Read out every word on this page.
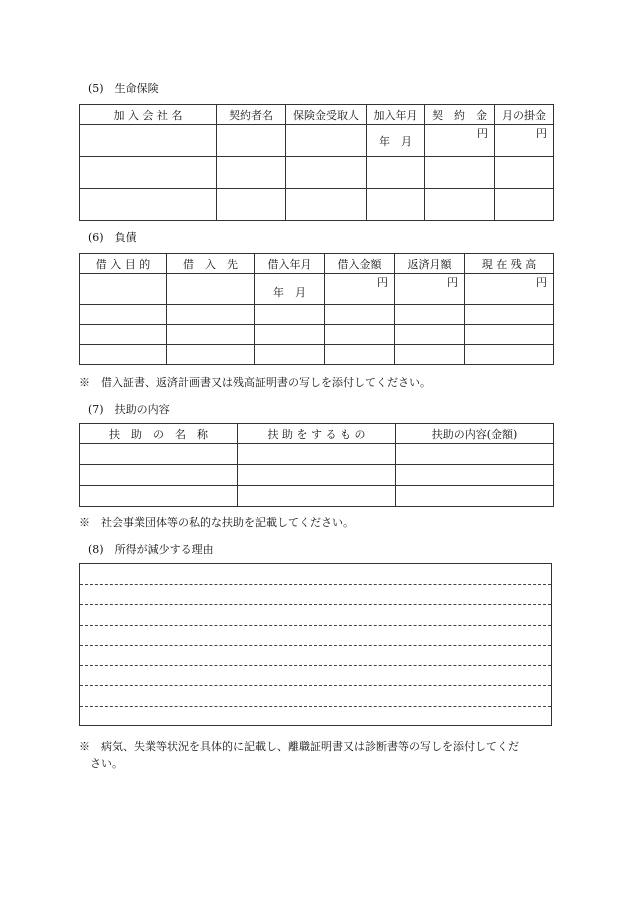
(5)　生命保険
加 入 会 社 名	契約者名	保険金受取人	加入年月	契　約　金	月の掛金
			年　月	円	円

(6)　負債
借 入 目 的	借　入　先	借入年月	借入金額	返済月額	現 在 残 高
		年　月	円	円	円

※　借入証書、返済計画書又は残高証明書の写しを添付してください。
(7)　扶助の内容
扶　助　の　名　称	扶 助 を す る も の	扶助の内容(金額)

※　社会事業団体等の私的な扶助を記載してください。
(8)　所得が減少する理由
※　病気、失業等状況を具体的に記載し、離職証明書又は診断書等の写しを添付してくだ
　さい。
